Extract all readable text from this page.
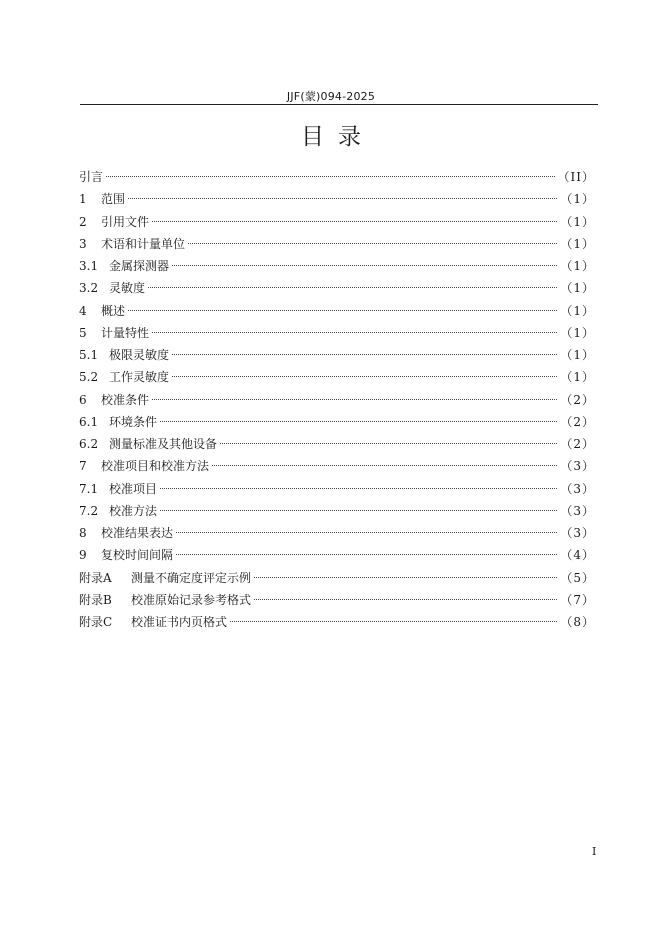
JJF(蒙)094-2025
目录
引言	（II）
1	范围	（1）
2	引用文件	（1）
3	术语和计量单位	（1）
3.1 金属探测器	（1）
3.2 灵敏度	（1）
4	概述	（1）
5	计量特性	（1）
5.1 极限灵敏度	（1）
5.2 工作灵敏度	（1）
6	校准条件	（2）
6.1 环境条件	（2）
6.2 测量标准及其他设备	（2）
7	校准项目和校准方法	（3）
7.1 校准项目	（3）
7.2 校准方法	（3）
8	校准结果表达	（3）
9	复校时间间隔	（4）
附录A	测量不确定度评定示例	（5）
附录B	校准原始记录参考格式	（7）
附录C	校准证书内页格式	（8）
I
